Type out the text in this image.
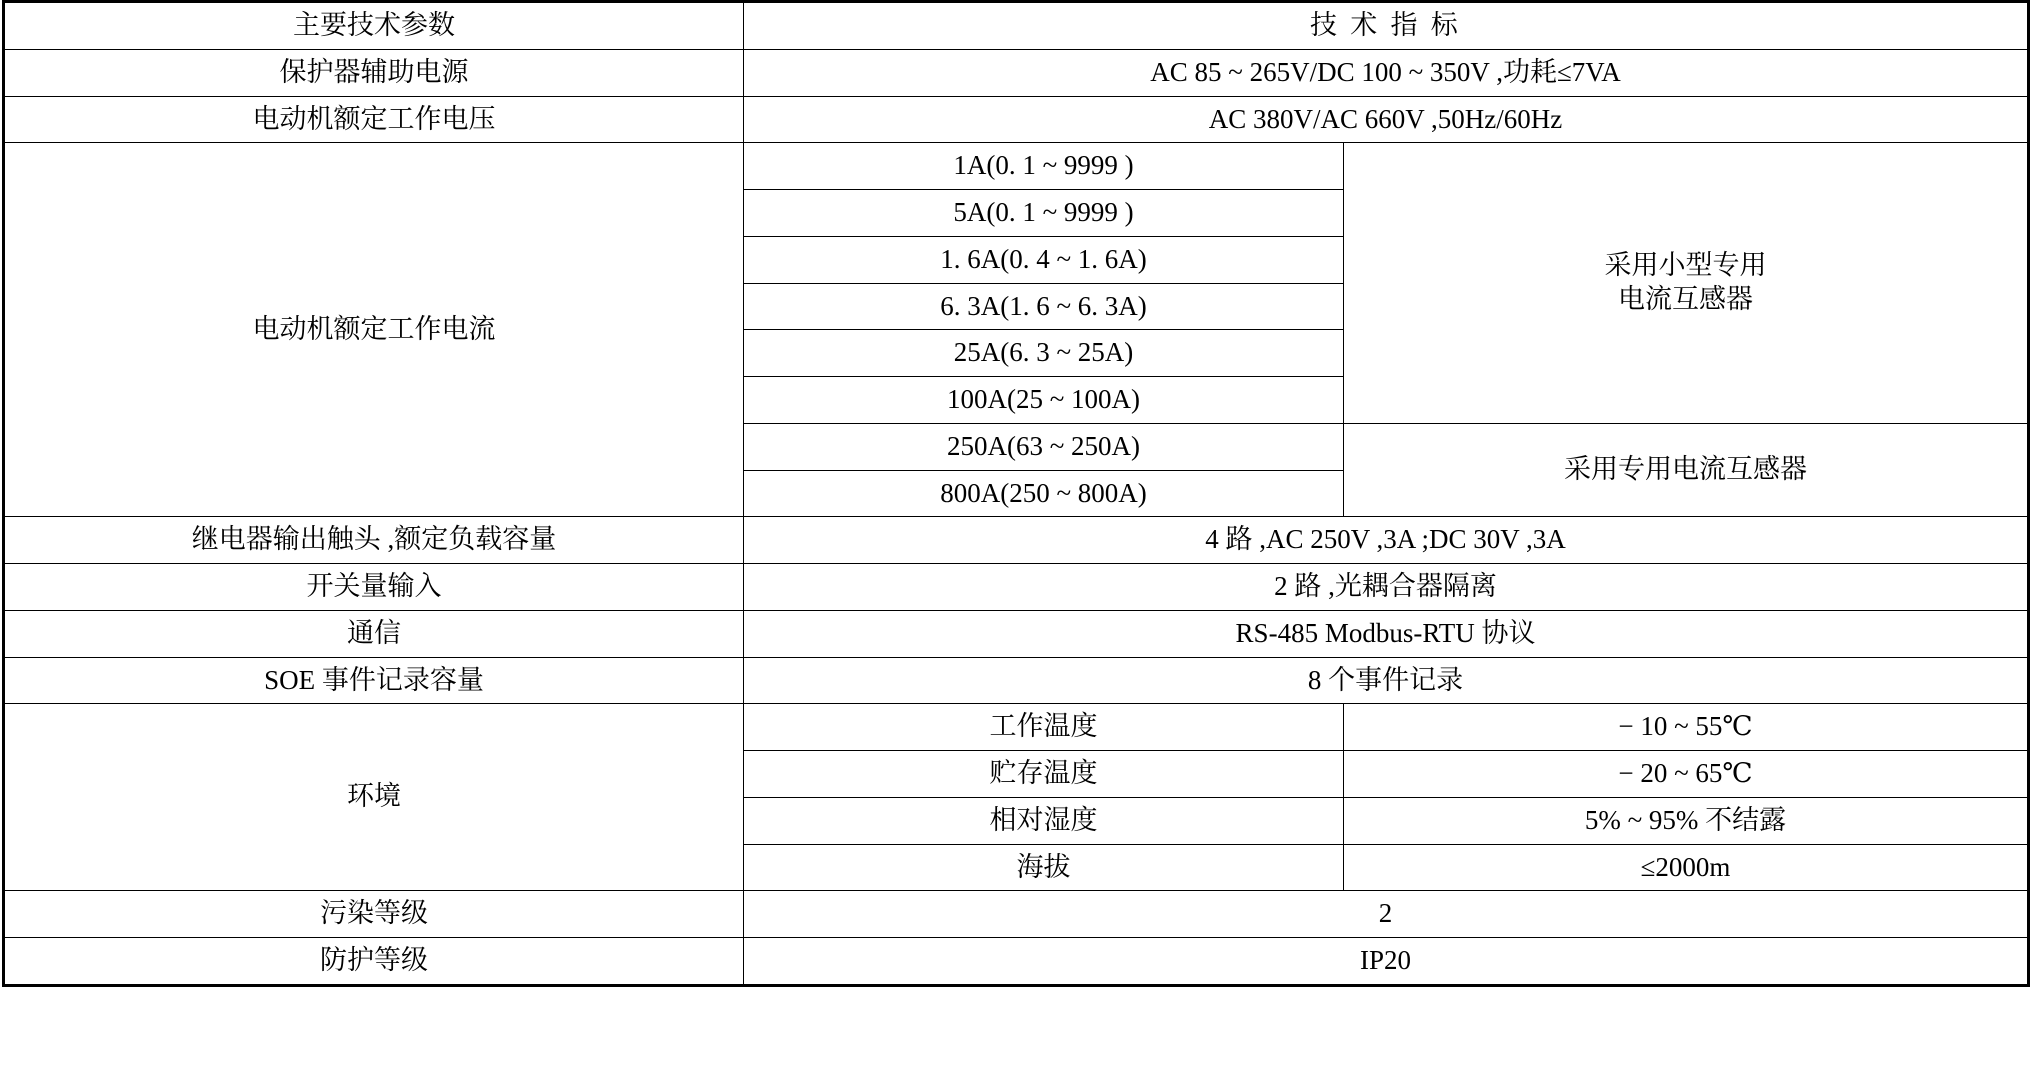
主要技术参数	技 术 指 标	
保护器辅助电源	AC 85 ~ 265V/DC 100 ~ 350V ,功耗≤7VA	
电动机额定工作电压	AC 380V/AC 660V ,50Hz/60Hz	
电动机额定工作电流	1A(0. 1 ~ 9999 )	采用小型专用
电流互感器

	5A(0. 1 ~ 9999 )	
	1. 6A(0. 4 ~ 1. 6A)	
	6. 3A(1. 6 ~ 6. 3A)	
	25A(6. 3 ~ 25A)	
	100A(25 ~ 100A)	
	250A(63 ~ 250A)	采用专用电流互感器
	800A(250 ~ 800A)	
继电器输出触头 ,额定负载容量	4 路 ,AC 250V ,3A ;DC 30V ,3A	
开关量输入	2 路 ,光耦合器隔离	
通信	RS-485 Modbus-RTU 协议	
SOE 事件记录容量	8 个事件记录	
环境	工作温度	− 10 ~ 55℃
	贮存温度	− 20 ~ 65℃
	相对湿度	5% ~ 95% 不结露
	海拔	≤2000m
污染等级	2	
防护等级	IP20	
